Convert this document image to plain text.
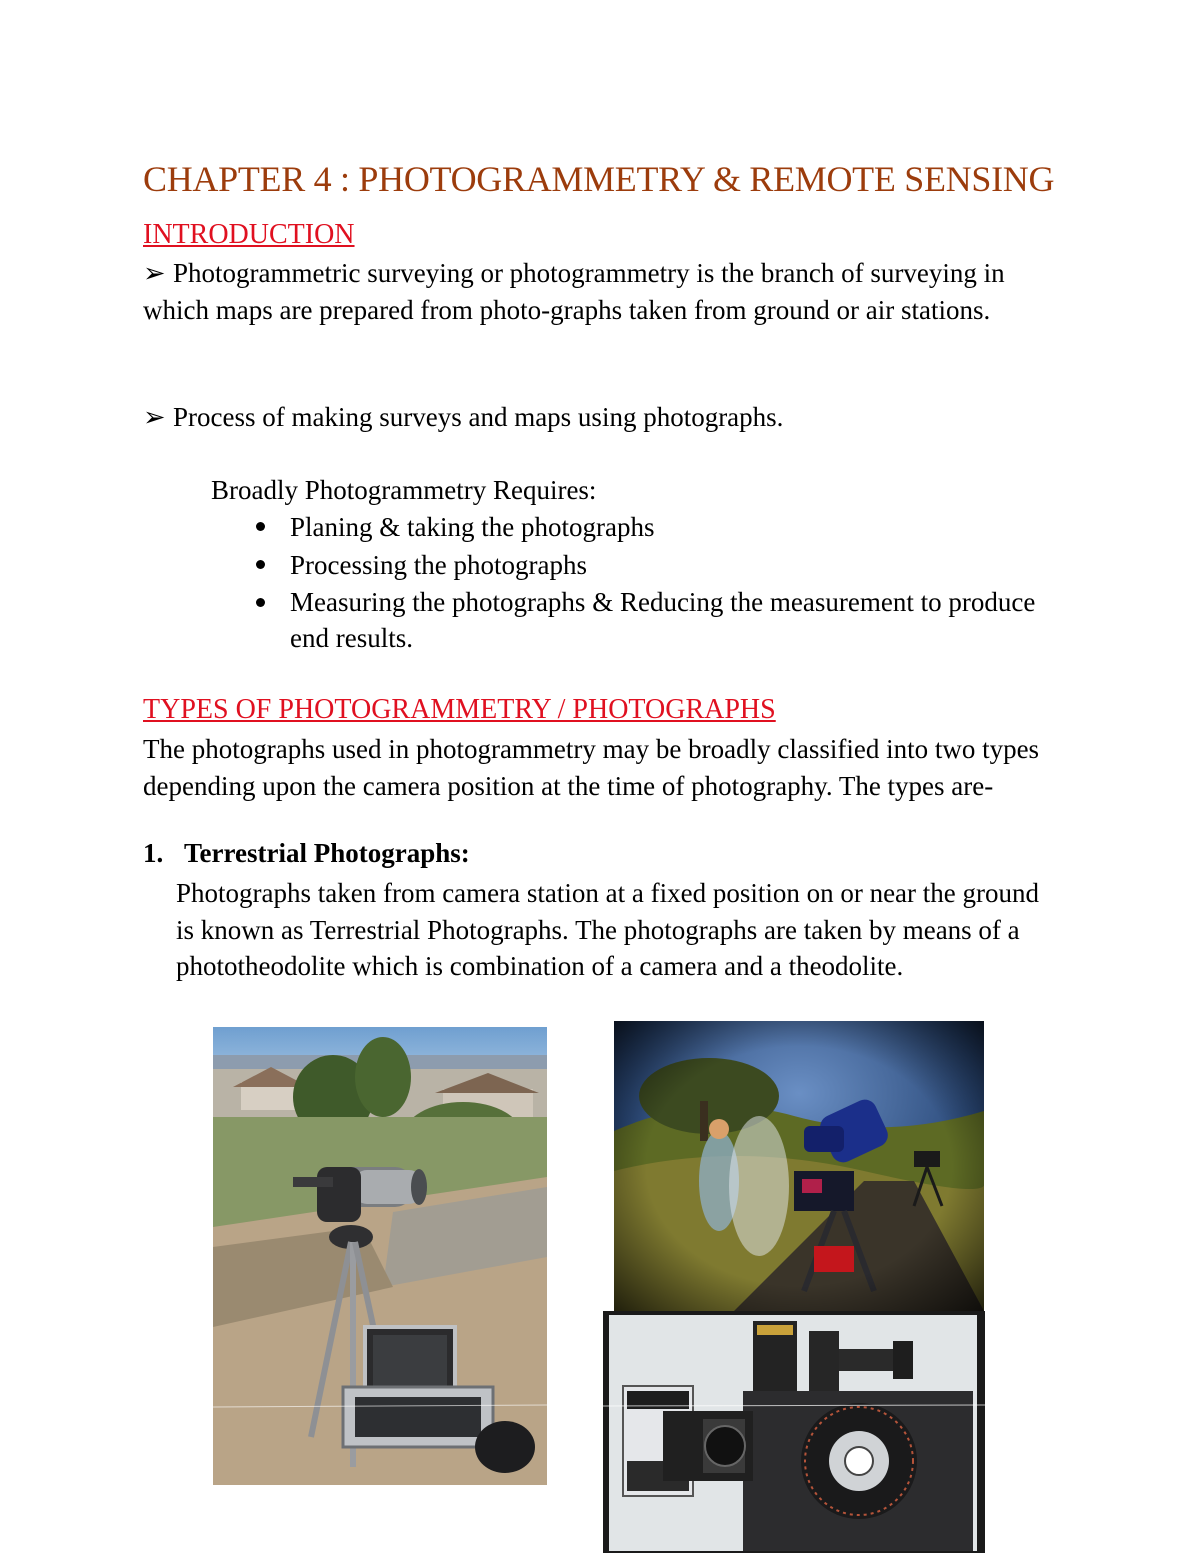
CHAPTER 4 : PHOTOGRAMMETRY & REMOTE SENSING
INTRODUCTION
➢ Photogrammetric surveying or photogrammetry is the branch of surveying in which maps are prepared from photo-graphs taken from ground or air stations.
➢ Process of making surveys and maps using photographs.

Broadly Photogrammetry Requires:

Planing & taking the photographs
Processing the photographs
Measuring the photographs & Reducing the measurement to produce end results.
TYPES OF PHOTOGRAMMETRY / PHOTOGRAPHS

The photographs used in photogrammetry may be broadly classified into two types depending upon the camera position at the time of photography. The types are-

1. Terrestrial Photographs:

Photographs taken from camera station at a fixed position on or near the ground is known as Terrestrial Photographs. The photographs are taken by means of a phototheodolite which is combination of a camera and a theodolite.
